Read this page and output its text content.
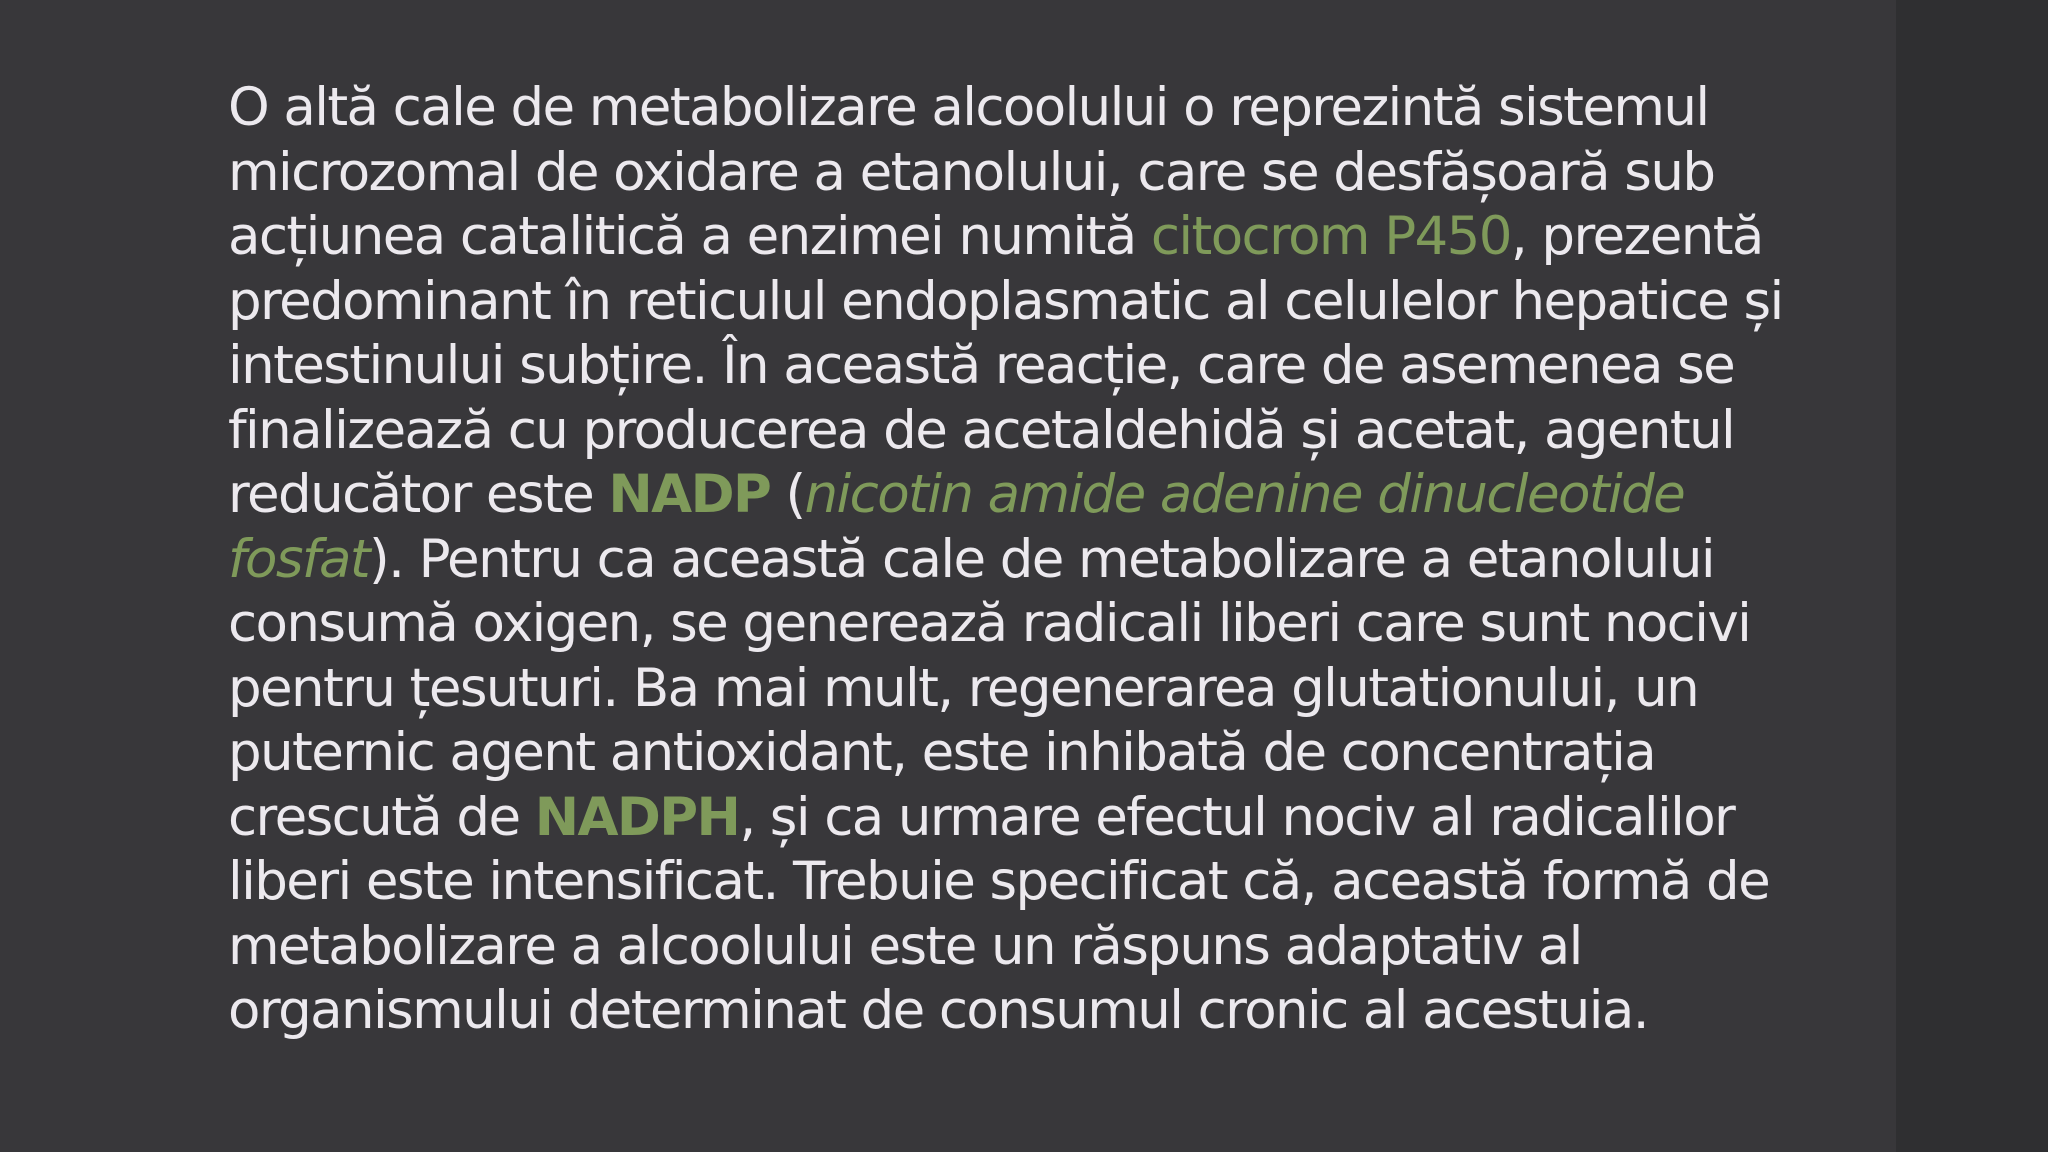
O altă cale de metabolizare alcoolului o reprezintă sistemul
microzomal de oxidare a etanolului, care se desfășoară sub
acțiunea catalitică a enzimei numită citocrom P450, prezentă
predominant în reticulul endoplasmatic al celulelor hepatice și
intestinului subțire. În această reacție, care de asemenea se
finalizează cu producerea de acetaldehidă și acetat, agentul
reducător este NADP (nicotin amide adenine dinucleotide
fosfat). Pentru ca această cale de metabolizare a etanolului
consumă oxigen, se generează radicali liberi care sunt nocivi
pentru țesuturi. Ba mai mult, regenerarea glutationului, un
puternic agent antioxidant, este inhibată de concentrația
crescută de NADPH, și ca urmare efectul nociv al radicalilor
liberi este intensificat. Trebuie specificat că, această formă de
metabolizare a alcoolului este un răspuns adaptativ al
organismului determinat de consumul cronic al acestuia.
